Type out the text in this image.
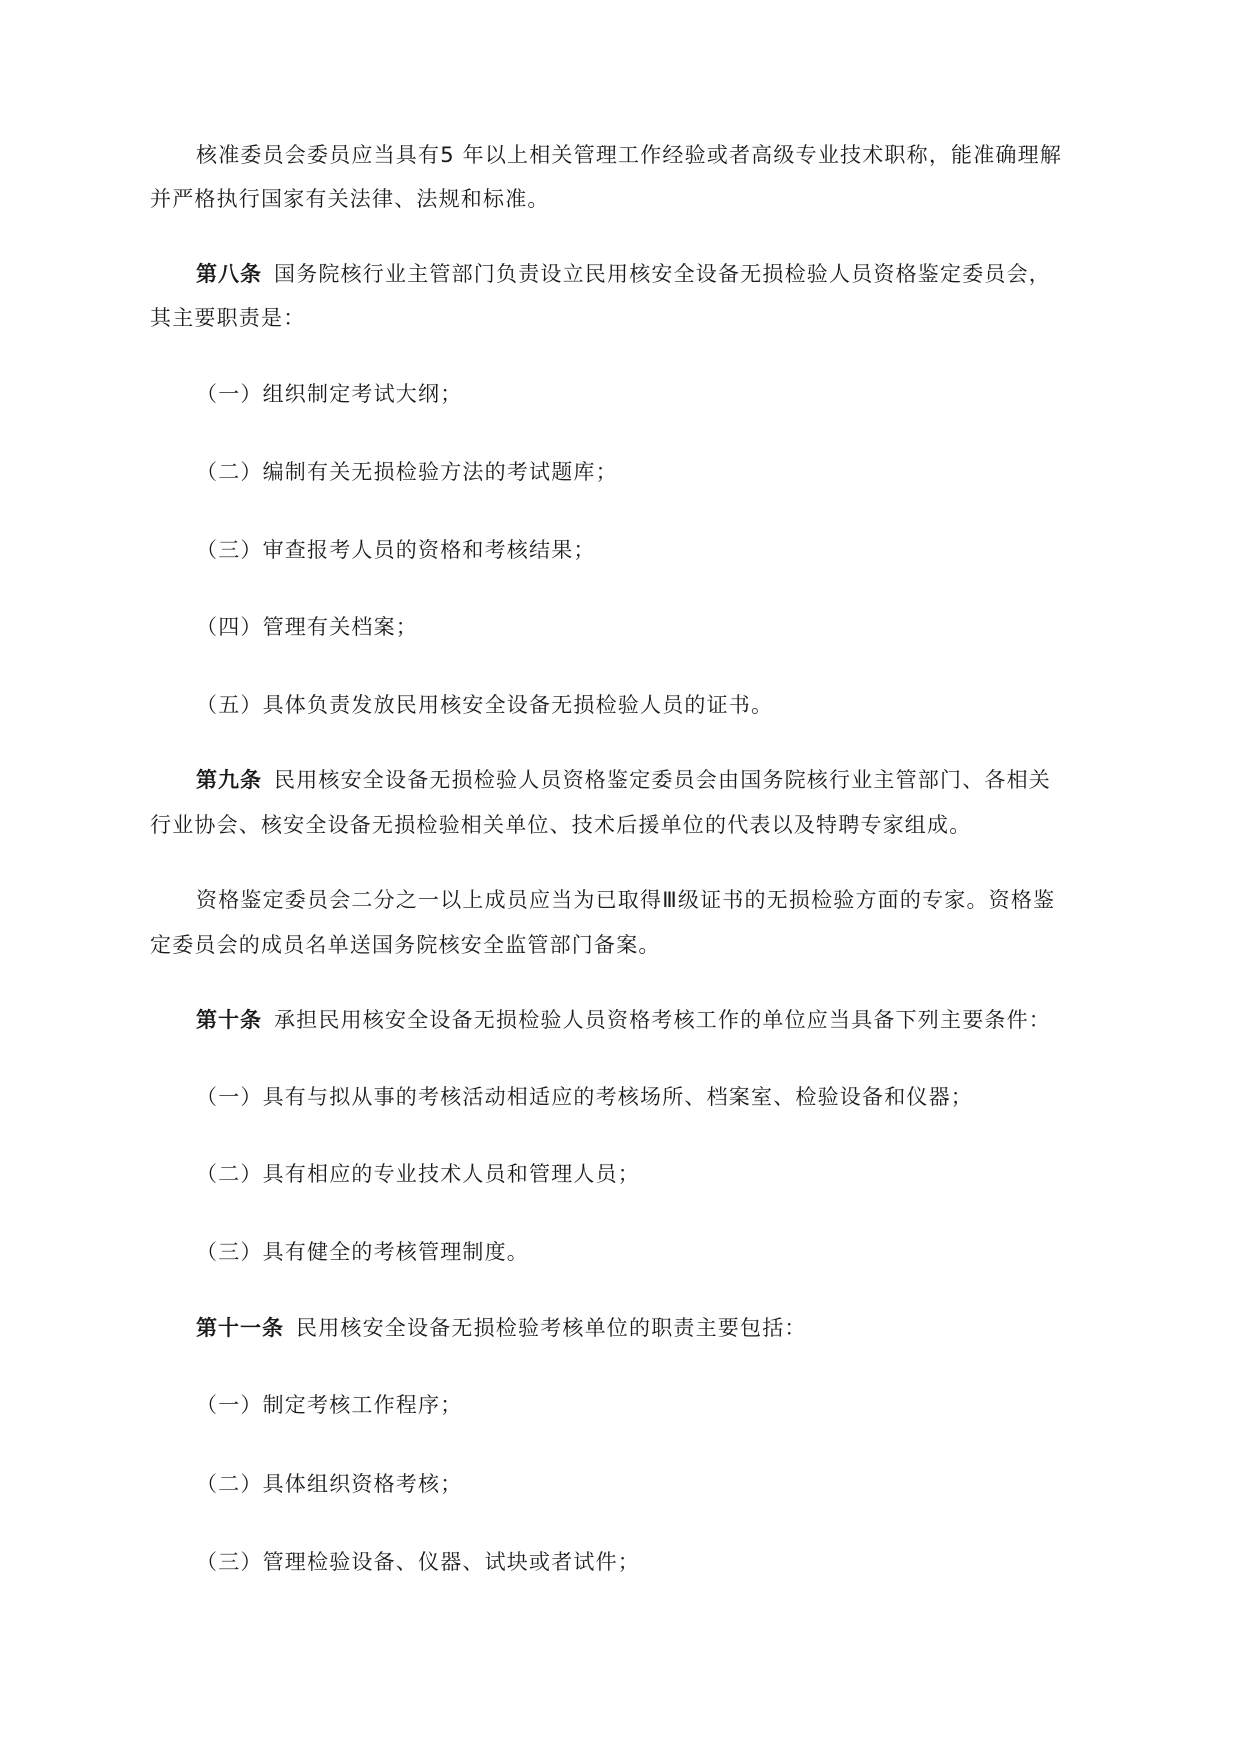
核准委员会委员应当具有5 年以上相关管理工作经验或者高级专业技术职称，能准确理解
并严格执行国家有关法律、法规和标准。
第八条 国务院核行业主管部门负责设立民用核安全设备无损检验人员资格鉴定委员会，
其主要职责是：
（一）组织制定考试大纲；
（二）编制有关无损检验方法的考试题库；
（三）审查报考人员的资格和考核结果；
（四）管理有关档案；
（五）具体负责发放民用核安全设备无损检验人员的证书。
第九条 民用核安全设备无损检验人员资格鉴定委员会由国务院核行业主管部门、各相关
行业协会、核安全设备无损检验相关单位、技术后援单位的代表以及特聘专家组成。
资格鉴定委员会二分之一以上成员应当为已取得Ⅲ级证书的无损检验方面的专家。资格鉴
定委员会的成员名单送国务院核安全监管部门备案。
第十条 承担民用核安全设备无损检验人员资格考核工作的单位应当具备下列主要条件：
（一）具有与拟从事的考核活动相适应的考核场所、档案室、检验设备和仪器；
（二）具有相应的专业技术人员和管理人员；
（三）具有健全的考核管理制度。
第十一条 民用核安全设备无损检验考核单位的职责主要包括：
（一）制定考核工作程序；
（二）具体组织资格考核；
（三）管理检验设备、仪器、试块或者试件；
